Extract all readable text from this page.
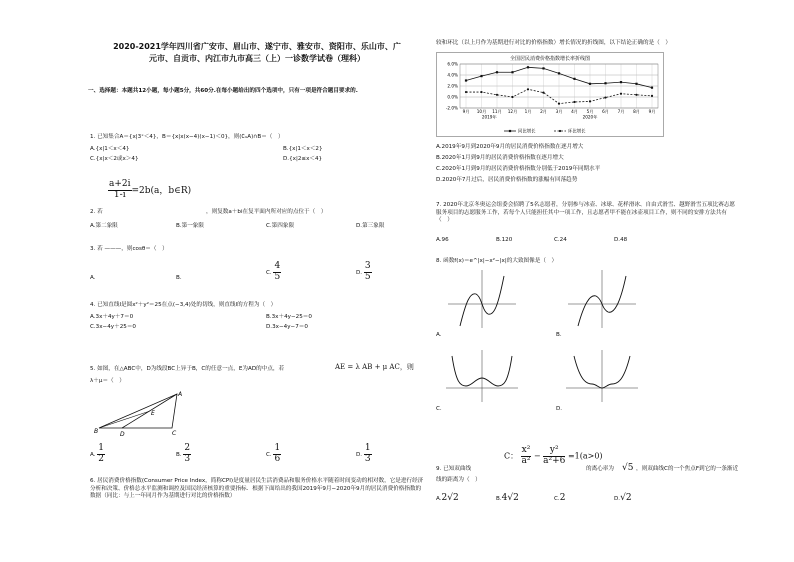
2020-2021学年四川省广安市、眉山市、遂宁市、雅安市、资阳市、乐山市、广
元市、自贡市、内江市九市高三（上）一诊数学试卷（理科）
一、选择题：本题共12小题，每小题5分，共60分.在每小题给出的四个选项中，只有一项是符合题目要求的.
1. 已知集合A＝{x|3ˣ＜4}，B＝{x|x(x−4)(x−1)＜0}，则(∁ᵤA)∩B＝（　）
A.{x|1＜x＜4}	B.{x|1＜x＜2}
C.{x|x＜2或x＞4}	D.{x|2≤x＜4}
$\frac{a+2i}{1-i} =2b(a$，b∈R)
2. 若	，则复数a＋bi在复平面内所对应的点位于（　）
A.第二象限	B.第一象限	C.第四象限	D.第三象限
3. 若 ———，则cosθ＝（　）
A.	B.
C. $\frac{4}{5}$	D. $\frac{3}{5}$
4. 已知直线l是圆x²＋y²＝25在点(−3,4)处的切线，则直线l的方程为（　）
A.3x＋4y＋7＝0	B.3x＋4y−25＝0
C.3x−4y＋25＝0	D.3x−4y−7＝0
5. 如图，在△ABC中，D为线段BC上异于B，C的任意一点，E为AD的中点，若	AE = λ AB + μ AC，则
λ＋μ＝（　）
A
E
B	D	C
A. $\frac{1}{2}$	B. $\frac{2}{3}$	C. $\frac{1}{6}$	D. $\frac{1}{3}$
6. 居民消费价格指数(Consumer Price Index，简称CPI)是度量居民生活消费品和服务价格水平随着时间变动的相对数，它是进行经济分析和决策、价格总水平监测和调控及国民经济核算的重要指标．根据下面给出的我国2019年9月−2020年9月的居民消费价格指数的数据（同比：与上一年同月作为基期进行对比的价格指数）
较和环比（以上月作为基期进行对比的价格指数）增长情况的折线图，以下结论正确的是（　）
全国居民消费价格指数增长率折线图
6.0%
4.0%
2.0%
0.0%
-2.0%
9月 10月 11月 12月 1月 2月 3月 4月 5月 6月 7月 8月 9月
2019年	2020年
同比增长	环比增长
A.2019年9月到2020年9月的居民消费价格指数在逐月增大
B.2020年1月到9月的居民消费价格指数在逐月增大
C.2020年1月到9月的居民消费价格指数分别低于2019年同期水平
D.2020年7月过后，居民消费价格指数的涨幅有回落趋势
7. 2020年北京冬奥运会组委会招聘了5名志愿者，分别参与冰壶、冰球、花样滑冰、自由式滑雪、越野滑雪五项比赛志愿服务项目的志愿服务工作，若每个人只能担任其中一项工作，且志愿者甲不能在冰壶项目工作，则不同的安排方法共有（　）
A.96	B.120	C.24	D.48
8. 函数f(x)＝e^|x|−x²−|x|的大致图像是（　）
A.	B.
C.	D.
C： $\frac{\text{x²}}{\text{a²}} - \frac{\text{y²}}{\text{a²+6}} =1(a>0)$
9. 已知双曲线	的离心率为 √5 ，则双曲线C的一个焦点F到它的一条渐近
线的距离为（　）
A.2√2	B.4√2	C.2	D.√2
